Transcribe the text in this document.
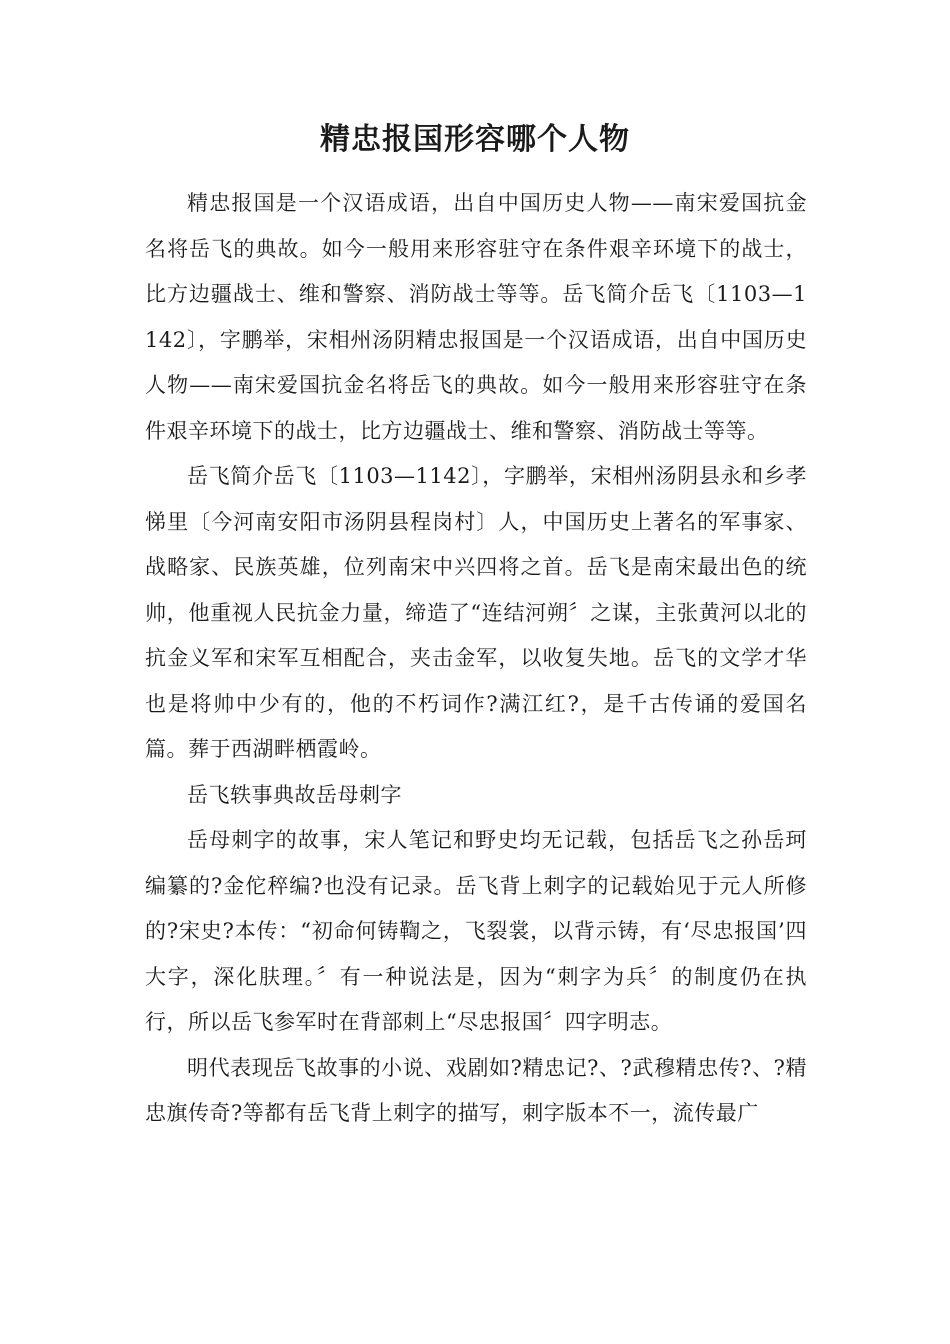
精忠报国形容哪个人物

精忠报国是一个汉语成语，出自中国历史人物——南宋爱国抗金名将岳飞的典故。如今一般用来形容驻守在条件艰辛环境下的战士，比方边疆战士、维和警察、消防战士等等。岳飞简介岳飞〔1103—1142〕，字鹏举，宋相州汤阴精忠报国是一个汉语成语，出自中国历史人物——南宋爱国抗金名将岳飞的典故。如今一般用来形容驻守在条件艰辛环境下的战士，比方边疆战士、维和警察、消防战士等等。

岳飞简介岳飞〔1103—1142〕，字鹏举，宋相州汤阴县永和乡孝悌里〔今河南安阳市汤阴县程岗村〕人，中国历史上著名的军事家、战略家、民族英雄，位列南宋中兴四将之首。岳飞是南宋最出色的统帅，他重视人民抗金力量，缔造了“连结河朔〞之谋，主张黄河以北的抗金义军和宋军互相配合，夹击金军，以收复失地。岳飞的文学才华也是将帅中少有的，他的不朽词作?满江红?，是千古传诵的爱国名篇。葬于西湖畔栖霞岭。

岳飞轶事典故岳母刺字

岳母刺字的故事，宋人笔记和野史均无记载，包括岳飞之孙岳珂编纂的?金佗稡编?也没有记录。岳飞背上刺字的记载始见于元人所修的?宋史?本传：“初命何铸鞫之，飞裂裳，以背示铸，有‘尽忠报国’四大字，深化肤理。〞有一种说法是，因为“刺字为兵〞的制度仍在执行，所以岳飞参军时在背部刺上“尽忠报国〞四字明志。

明代表现岳飞故事的小说、戏剧如?精忠记?、?武穆精忠传?、?精忠旗传奇?等都有岳飞背上刺字的描写，刺字版本不一，流传最广
